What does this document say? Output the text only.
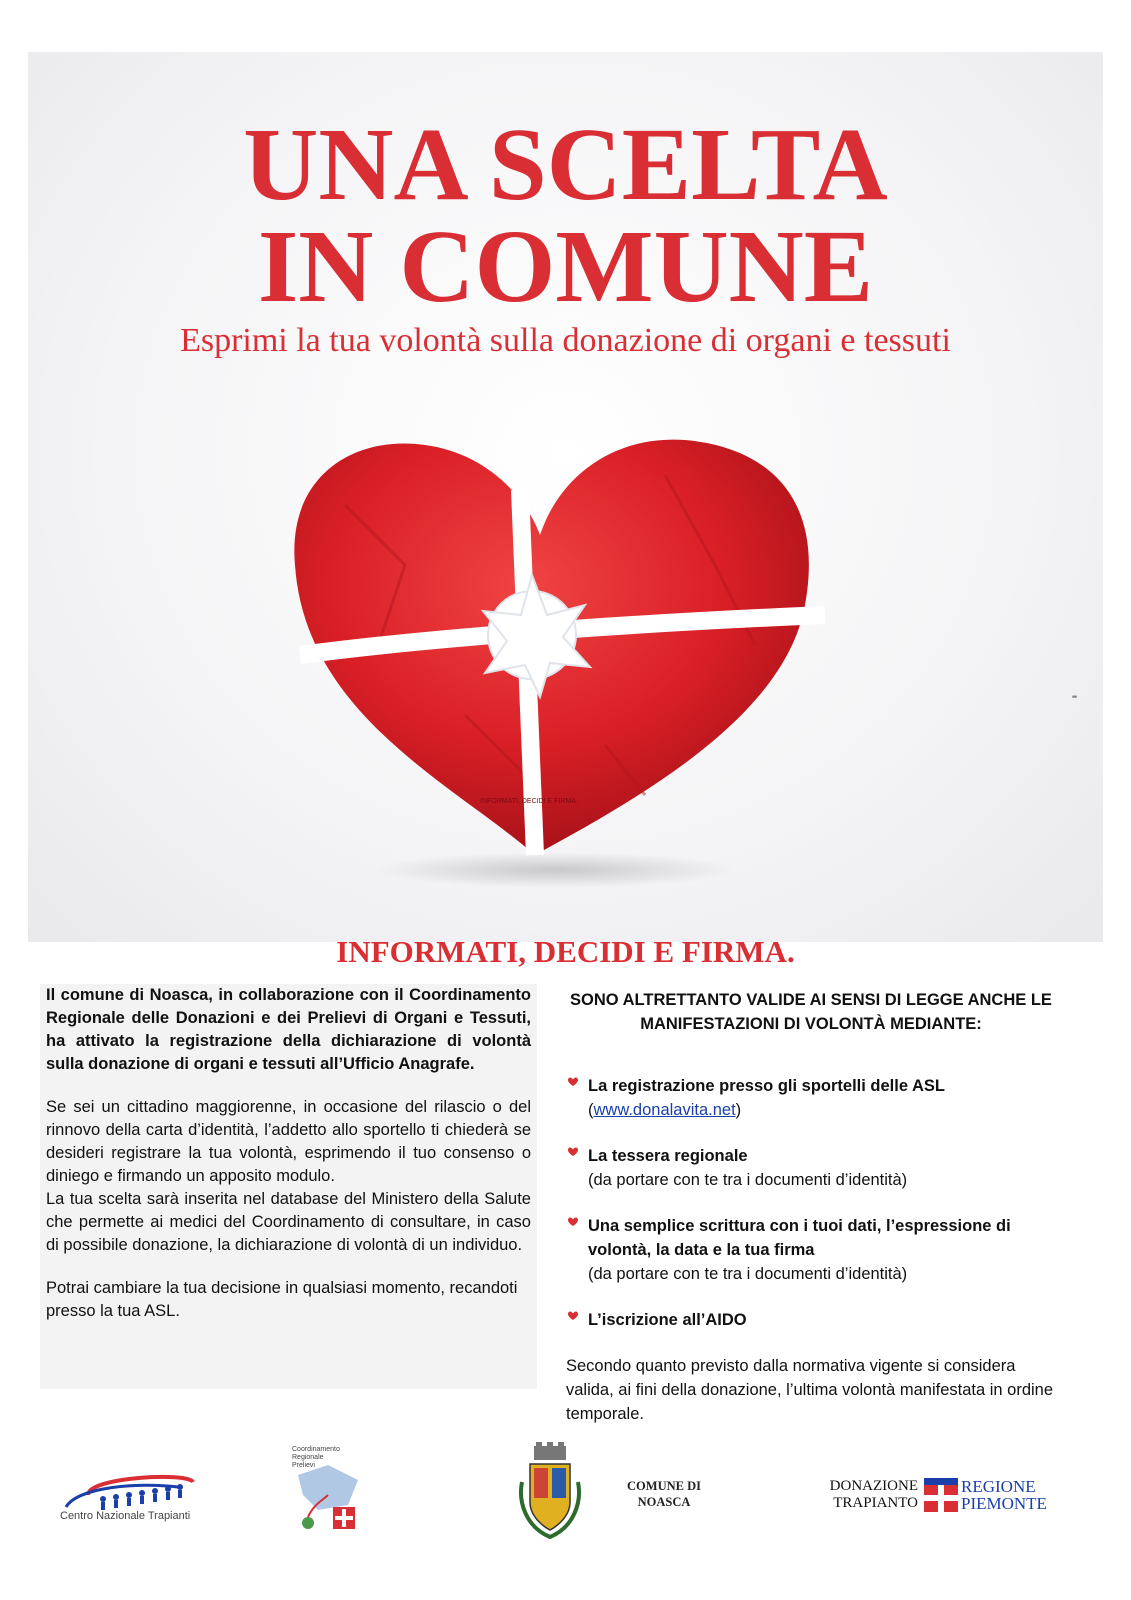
UNA SCELTA
IN COMUNE
Esprimi la tua volontà sulla donazione di organi e tessuti
INFORMATI, DECIDI E FIRMA.
▮
INFORMATI, DECIDI E FIRMA.

Il comune di Noasca, in collaborazione con il Coordinamento Regionale delle Donazioni e dei Prelievi di Organi e Tessuti, ha attivato la registrazione della dichiarazione di volontà sulla donazione di organi e tessuti all’Ufficio Anagrafe.

Se sei un cittadino maggiorenne, in occasione del rilascio o del rinnovo della carta d’identità, l’addetto allo sportello ti chiederà se desideri registrare la tua volontà, esprimendo il tuo consenso o diniego e firmando un apposito modulo.

La tua scelta sarà inserita nel database del Ministero della Salute che permette ai medici del Coordinamento di consultare, in caso di possibile donazione, la dichiarazione di volontà di un individuo.

Potrai cambiare la tua decisione in qualsiasi momento, recandoti presso la tua ASL.

SONO ALTRETTANTO VALIDE AI SENSI DI LEGGE ANCHE LE MANIFESTAZIONI DI VOLONTÀ MEDIANTE:
La registrazione presso gli sportelli delle ASL
(www.donalavita.net)
La tessera regionale
(da portare con te tra i documenti d’identità)
Una semplice scrittura con i tuoi dati, l’espressione di volontà, la data e la tua firma
(da portare con te tra i documenti d’identità)
L’iscrizione all’AIDO
Secondo quanto previsto dalla normativa vigente si considera valida, ai fini della donazione, l’ultima volontà manifestata in ordine temporale.
Centro Nazionale Trapianti
Coordinamento Regionale Prelievi
COMUNE DI
NOASCA
DONAZIONE
TRAPIANTO
REGIONE
PIEMONTE
